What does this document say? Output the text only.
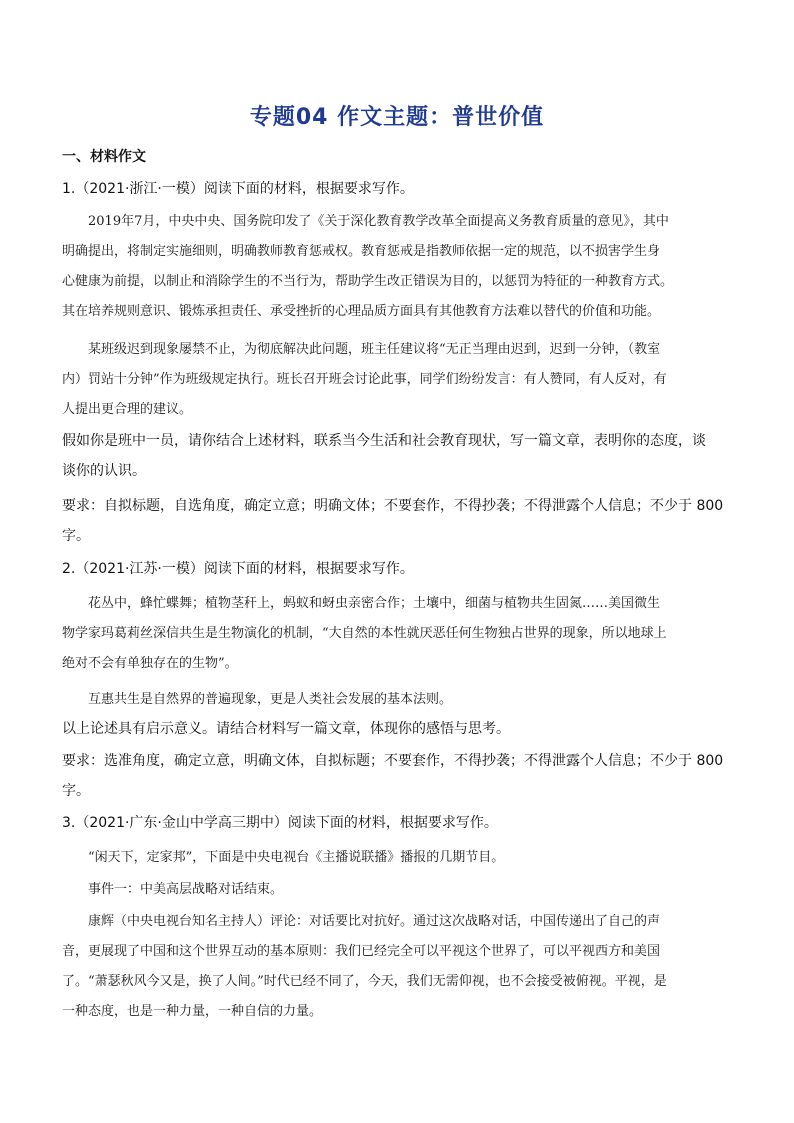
专题04 作文主题：普世价值
一、材料作文
1.（2021·浙江·一模）阅读下面的材料，根据要求写作。
2019年7月，中央中央、国务院印发了《关于深化教育教学改革全面提高义务教育质量的意见》，其中
明确提出，将制定实施细则，明确教师教育惩戒权。教育惩戒是指教师依据一定的规范，以不损害学生身
心健康为前提，以制止和消除学生的不当行为，帮助学生改正错误为目的，以惩罚为特征的一种教育方式。
其在培养规则意识、锻炼承担责任、承受挫折的心理品质方面具有其他教育方法难以替代的价值和功能。
某班级迟到现象屡禁不止，为彻底解决此问题，班主任建议将“无正当理由迟到，迟到一分钟，（教室
内）罚站十分钟”作为班级规定执行。班长召开班会讨论此事，同学们纷纷发言：有人赞同，有人反对，有
人提出更合理的建议。
假如你是班中一员，请你结合上述材料，联系当今生活和社会教育现状，写一篇文章，表明你的态度，谈
谈你的认识。
要求：自拟标题，自选角度，确定立意；明确文体；不要套作，不得抄袭；不得泄露个人信息；不少于 800
字。
2.（2021·江苏·一模）阅读下面的材料，根据要求写作。
花丛中，蜂忙蝶舞；植物茎秆上，蚂蚁和蚜虫亲密合作；土壤中，细菌与植物共生固氮……美国微生
物学家玛葛莉丝深信共生是生物演化的机制，“大自然的本性就厌恶任何生物独占世界的现象，所以地球上
绝对不会有单独存在的生物”。
互惠共生是自然界的普遍现象，更是人类社会发展的基本法则。
以上论述具有启示意义。请结合材料写一篇文章，体现你的感悟与思考。
要求：选准角度，确定立意，明确文体，自拟标题；不要套作，不得抄袭；不得泄露个人信息；不少于 800
字。
3.（2021·广东·金山中学高三期中）阅读下面的材料，根据要求写作。
“闲天下，定家邦”，下面是中央电视台《主播说联播》播报的几期节目。
事件一：中美高层战略对话结束。
康辉（中央电视台知名主持人）评论：对话要比对抗好。通过这次战略对话，中国传递出了自己的声
音，更展现了中国和这个世界互动的基本原则：我们已经完全可以平视这个世界了，可以平视西方和美国
了。“萧瑟秋风今又是，换了人间。”时代已经不同了，今天，我们无需仰视，也不会接受被俯视。平视，是
一种态度，也是一种力量，一种自信的力量。
